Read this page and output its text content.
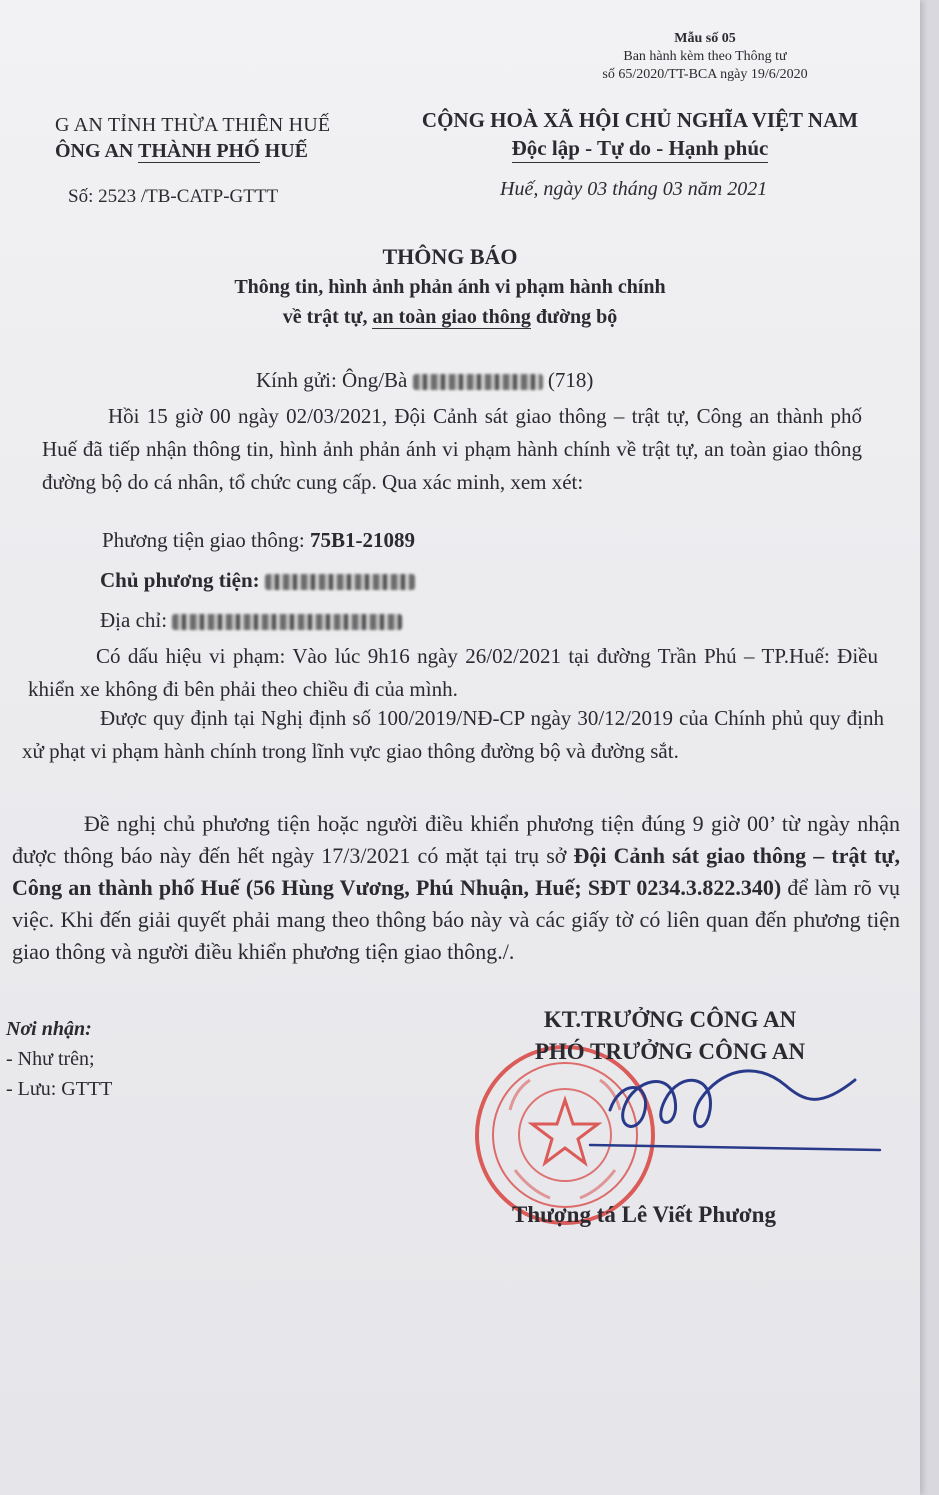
Mẫu số 05
Ban hành kèm theo Thông tư
số 65/2020/TT-BCA ngày 19/6/2020
G AN TỈNH THỪA THIÊN HUẾ
ÔNG AN THÀNH PHỐ HUẾ
CỘNG HOÀ XÃ HỘI CHỦ NGHĨA VIỆT NAM
Độc lập - Tự do - Hạnh phúc
Số: 2523 /TB-CATP-GTTT	Huế, ngày 03 tháng 03 năm 2021
THÔNG BÁO
Thông tin, hình ảnh phản ánh vi phạm hành chính
về trật tự, an toàn giao thông đường bộ
Kính gửi: Ông/Bà	(718)
Hồi 15 giờ 00 ngày 02/03/2021, Đội Cảnh sát giao thông – trật tự, Công an thành phố Huế đã tiếp nhận thông tin, hình ảnh phản ánh vi phạm hành chính về trật tự, an toàn giao thông đường bộ do cá nhân, tổ chức cung cấp. Qua xác minh, xem xét:
Phương tiện giao thông: 75B1-21089
Chủ phương tiện:
Địa chỉ:
Có dấu hiệu vi phạm: Vào lúc 9h16 ngày 26/02/2021 tại đường Trần Phú – TP.Huế: Điều khiển xe không đi bên phải theo chiều đi của mình.
Được quy định tại Nghị định số 100/2019/NĐ-CP ngày 30/12/2019 của Chính phủ quy định xử phạt vi phạm hành chính trong lĩnh vực giao thông đường bộ và đường sắt.
Đề nghị chủ phương tiện hoặc người điều khiển phương tiện đúng 9 giờ 00’ từ ngày nhận được thông báo này đến hết ngày 17/3/2021 có mặt tại trụ sở Đội Cảnh sát giao thông – trật tự, Công an thành phố Huế (56 Hùng Vương, Phú Nhuận, Huế; SĐT 0234.3.822.340) để làm rõ vụ việc. Khi đến giải quyết phải mang theo thông báo này và các giấy tờ có liên quan đến phương tiện giao thông và người điều khiển phương tiện giao thông./.
Nơi nhận:
- Như trên;
- Lưu: GTTT
KT.TRƯỞNG CÔNG AN
PHÓ TRƯỞNG CÔNG AN
Thượng tá Lê Viết Phương
